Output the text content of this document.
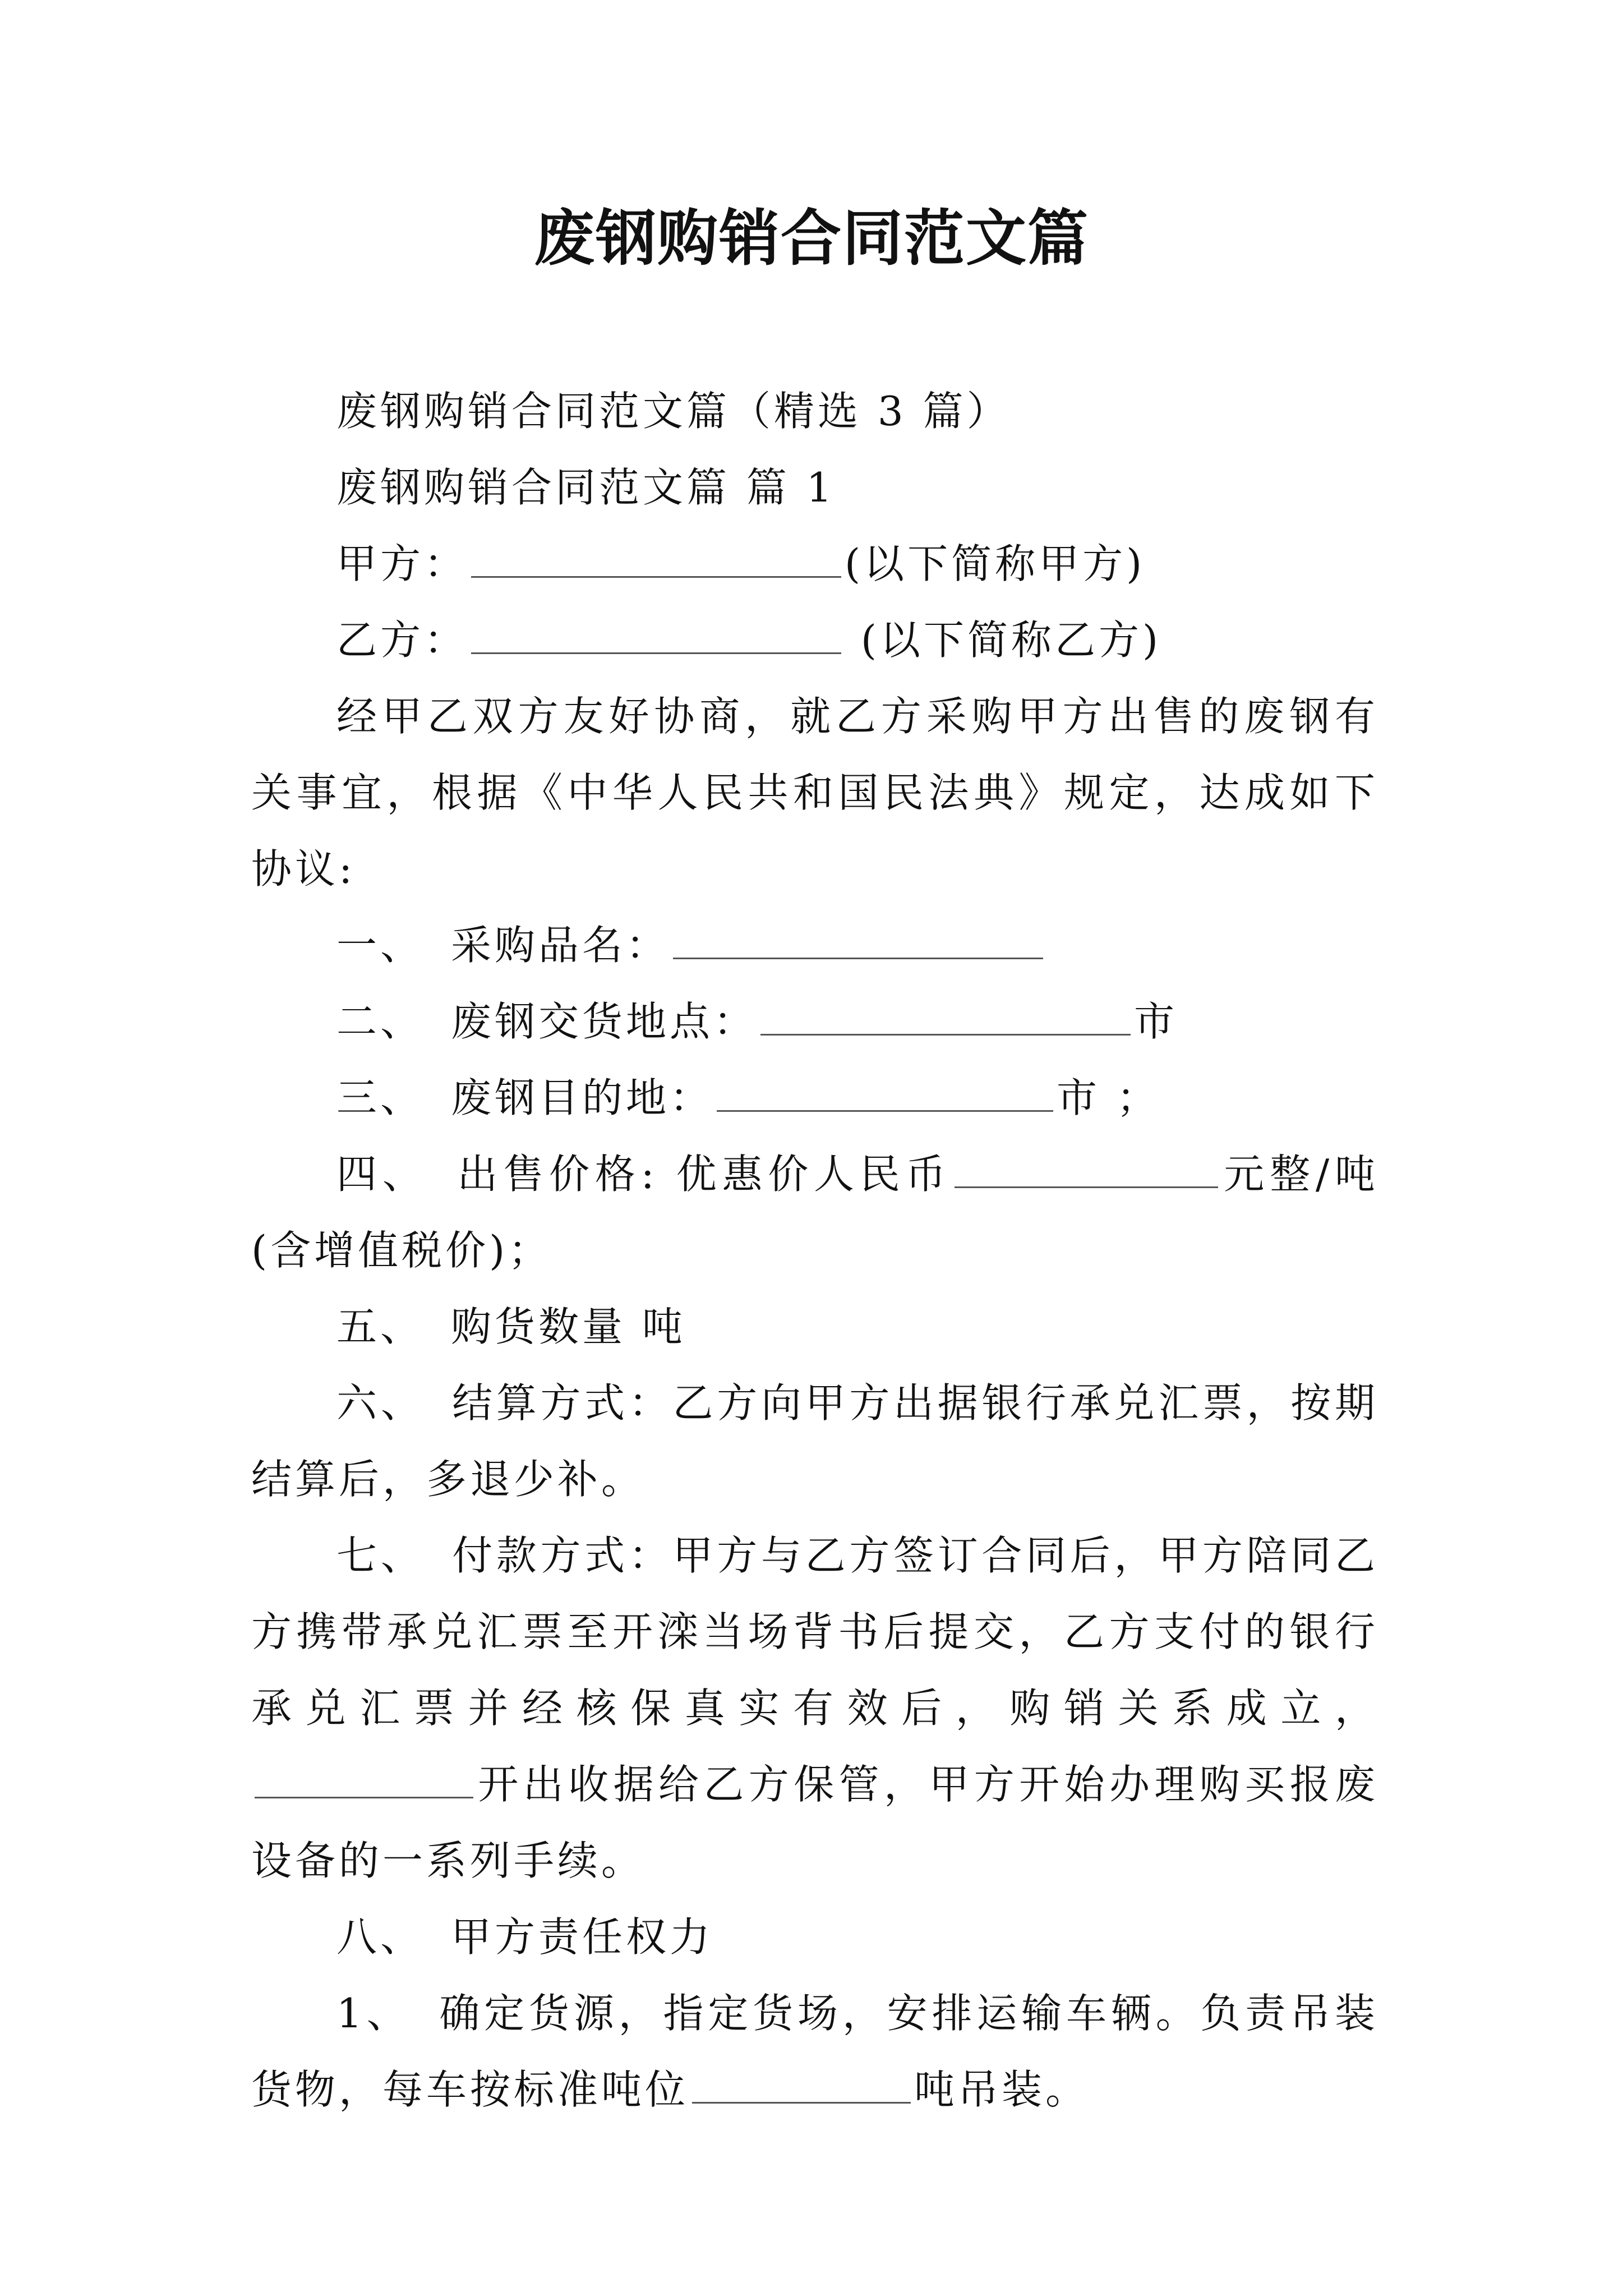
废钢购销合同范文篇

废钢购销合同范文篇（精选 3 篇）

废钢购销合同范文篇 篇 1

甲方：	(以下简称甲方)

乙方：	(以下简称乙方)

经甲乙双方友好协商，就乙方采购甲方出售的废钢有关事宜，根据《中华人民共和国民法典》规定，达成如下协议:

一、 采购品名：

二、 废钢交货地点：	市

三、 废钢目的地：	市 ；

四、 出售价格: 优惠价人民币	元整/吨(含增值税价)；

五、 购货数量 吨

六、 结算方式：乙方向甲方出据银行承兑汇票，按期结算后，多退少补。

七、 付款方式：甲方与乙方签订合同后，甲方陪同乙方携带承兑汇票至开滦当场背书后提交，乙方支付的银行承兑汇票并经核保真实有效后，购销关系成立，开出收据给乙方保管，甲方开始办理购买报废设备的一系列手续。

八、 甲方责任权力

1、 确定货源，指定货场，安排运输车辆。负责吊装货物，每车按标准吨位	吨吊装。
